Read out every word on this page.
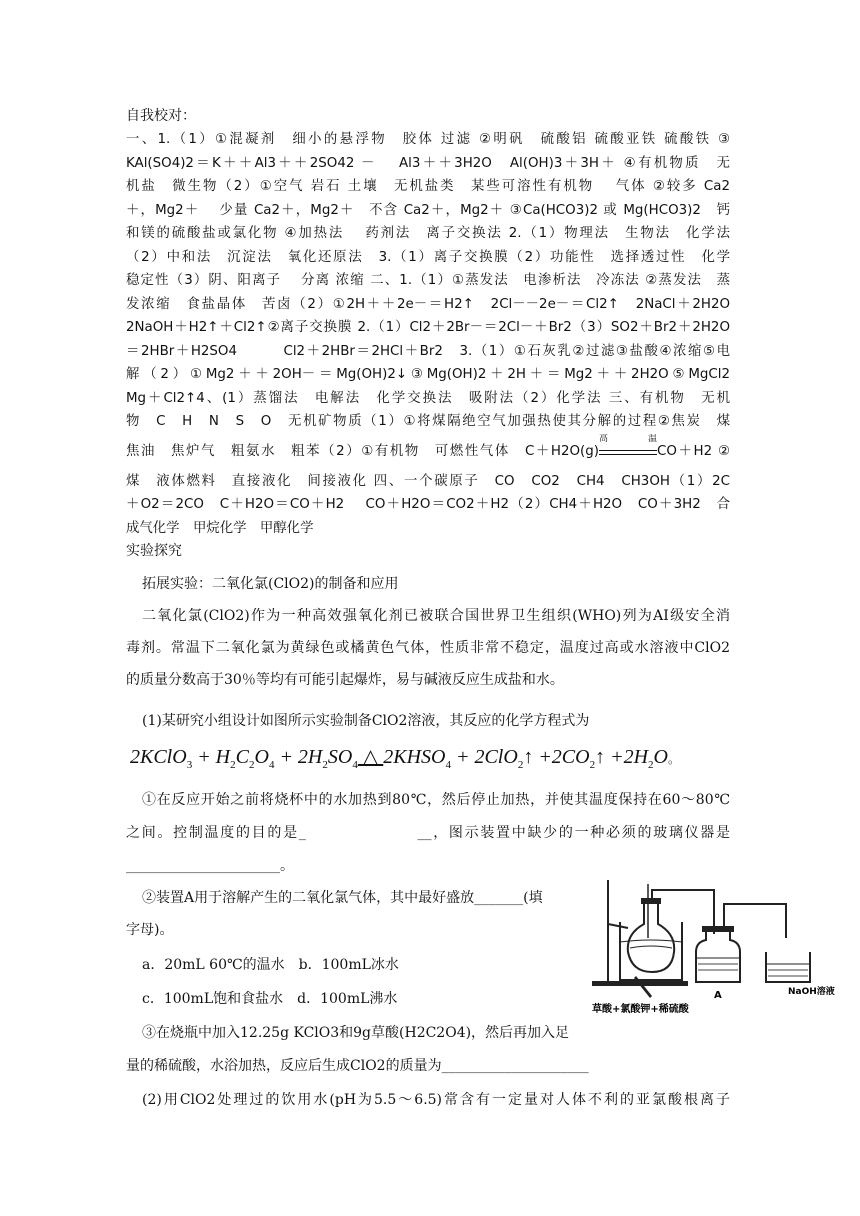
自我校对：
一、1.（1）①混凝剂　细小的悬浮物　胶体 过滤 ②明矾　硫酸铝 硫酸亚铁 硫酸铁 ③
KAl(SO4)2＝K＋＋Al3＋＋2SO42 －　 Al3＋＋3H2O　Al(OH)3＋3H＋ ④有机物质　无
机盐　微生物（2）①空气 岩石 土壤　无机盐类　某些可溶性有机物　 气体 ②较多 Ca2
＋，Mg2＋　 少量 Ca2＋，Mg2＋　不含 Ca2＋，Mg2＋ ③Ca(HCO3)2 或 Mg(HCO3)2　钙
和镁的硫酸盐或氯化物 ④加热法　 药剂法　离子交换法 2.（1）物理法　生物法　化学法
（2）中和法　沉淀法　氧化还原法　3.（1）离子交换膜（2）功能性　选择透过性　化学
稳定性（3）阴、阳离子　 分离 浓缩 二、1.（1）①蒸发法　电渗析法　冷冻法 ②蒸发法　蒸
发浓缩　食盐晶体　苦卤（2）①2H＋＋2e－＝H2↑　2Cl－－2e－＝Cl2↑　2NaCl＋2H2O
2NaOH＋H2↑＋Cl2↑②离子交换膜 2.（1）Cl2＋2Br－＝2Cl－＋Br2（3）SO2＋Br2＋2H2O
＝2HBr＋H2SO4　　　Cl2＋2HBr＝2HCl＋Br2　3.（1）①石灰乳②过滤③盐酸④浓缩⑤电
解（2）①Mg2＋＋2OH－＝Mg(OH)2↓③Mg(OH)2＋2H＋＝Mg2＋＋2H2O⑤MgCl2
Mg＋Cl2↑4、(1）蒸馏法　电解法　化学交换法　吸附法（2）化学法 三、有机物　无机
物　C　H　N　S　O　无机矿物质（1）①将煤隔绝空气加强热使其分解的过程②焦炭　煤
焦油　焦炉气　粗氨水　粗苯（2）①有机物　可燃性气体　C＋H2O(g)
高温
CO＋H2 ②
煤　液体燃料　直接液化　间接液化 四、一个碳原子　CO　CO2　CH4　CH3OH（1）2C
＋O2＝2CO　C＋H2O＝CO＋H2　 CO＋H2O＝CO2＋H2（2）CH4＋H2O　CO＋3H2　合
成气化学　甲烷化学　甲醇化学
实验探究
拓展实验：二氧化氯(ClO2)的制备和应用
二氧化氯(ClO2)作为一种高效强氧化剂已被联合国世界卫生组织(WHO)列为AI级安全消
毒剂。常温下二氧化氯为黄绿色或橘黄色气体，性质非常不稳定，温度过高或水溶液中ClO2
的质量分数高于30％等均有可能引起爆炸，易与碱液反应生成盐和水。
(1)某研究小组设计如图所示实验制备ClO2溶液，其反应的化学方程式为
2KClO$_3$ + $H_2C_2O_4 + 2H_2SO_4$ △ $2KHSO_4$ + 2ClO$_2$↑ $+2CO_2↑ +2H_2O$。
①在反应开始之前将烧杯中的水加热到80℃，然后停止加热，并使其温度保持在60～80℃
之间。控制温度的目的是_　　　　　　　__，图示装置中缺少的一种必须的玻璃仪器是
______________________。
②装置A用于溶解产生的二氧化氯气体，其中最好盛放_______(填
字母)。
a．20mL 60℃的温水　b．100mL冰水
c．100mL饱和食盐水　d．100mL沸水
③在烧瓶中加入12.25g KClO3和9g草酸(H2C2O4)，然后再加入足
量的稀硫酸，水浴加热，反应后生成ClO2的质量为_____________________
(2)用ClO2处理过的饮用水(pH为5.5～6.5)常含有一定量对人体不利的亚氯酸根离子
A
草酸+氯酸钾+稀硫酸
NaOH溶液
